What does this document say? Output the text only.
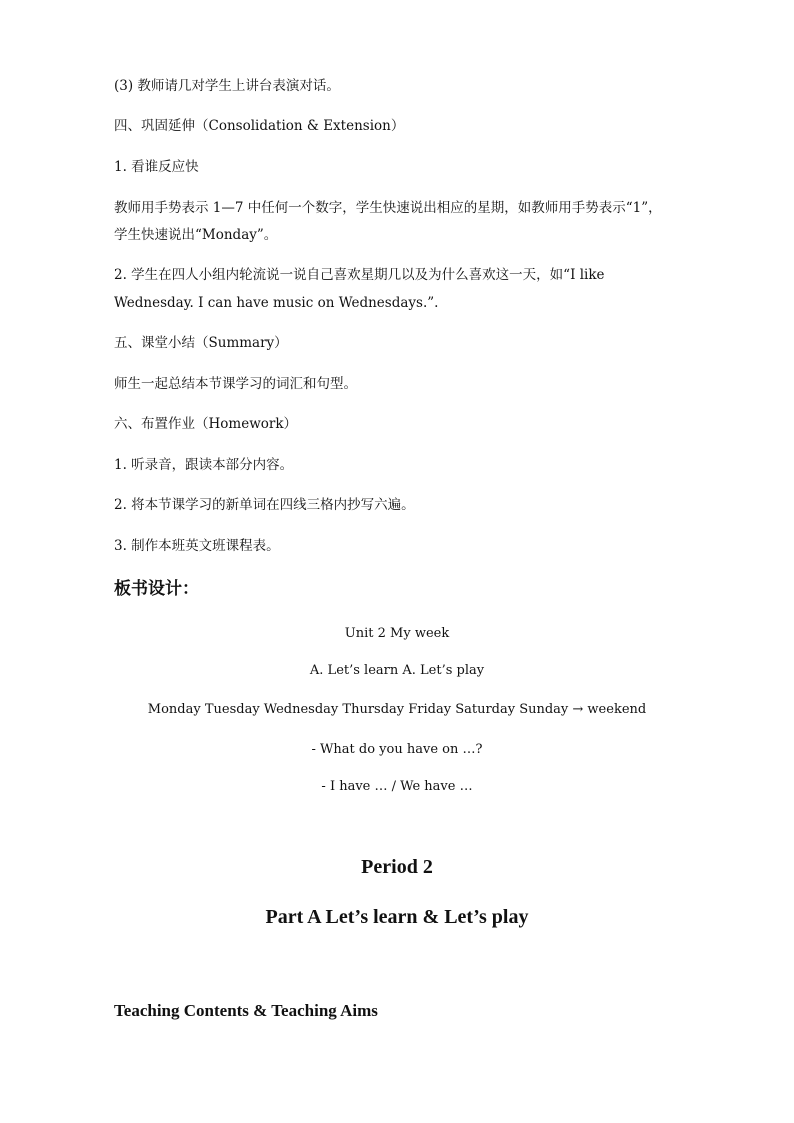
(3) 教师请几对学生上讲台表演对话。
四、巩固延伸（Consolidation & Extension）
1. 看谁反应快
教师用手势表示 1—7 中任何一个数字，学生快速说出相应的星期，如教师用手势表示“1”，
学生快速说出“Monday”。
2. 学生在四人小组内轮流说一说自己喜欢星期几以及为什么喜欢这一天，如“I like
Wednesday. I can have music on Wednesdays.”.
五、课堂小结（Summary）
师生一起总结本节课学习的词汇和句型。
六、布置作业（Homework）
1. 听录音，跟读本部分内容。
2. 将本节课学习的新单词在四线三格内抄写六遍。
3. 制作本班英文班课程表。
板书设计：
Unit 2 My week
A. Let’s learn A. Let’s play
Monday Tuesday Wednesday Thursday Friday Saturday Sunday → weekend
- What do you have on …?
- I have … / We have …
Period 2
Part A Let’s learn & Let’s play
Teaching Contents & Teaching Aims
